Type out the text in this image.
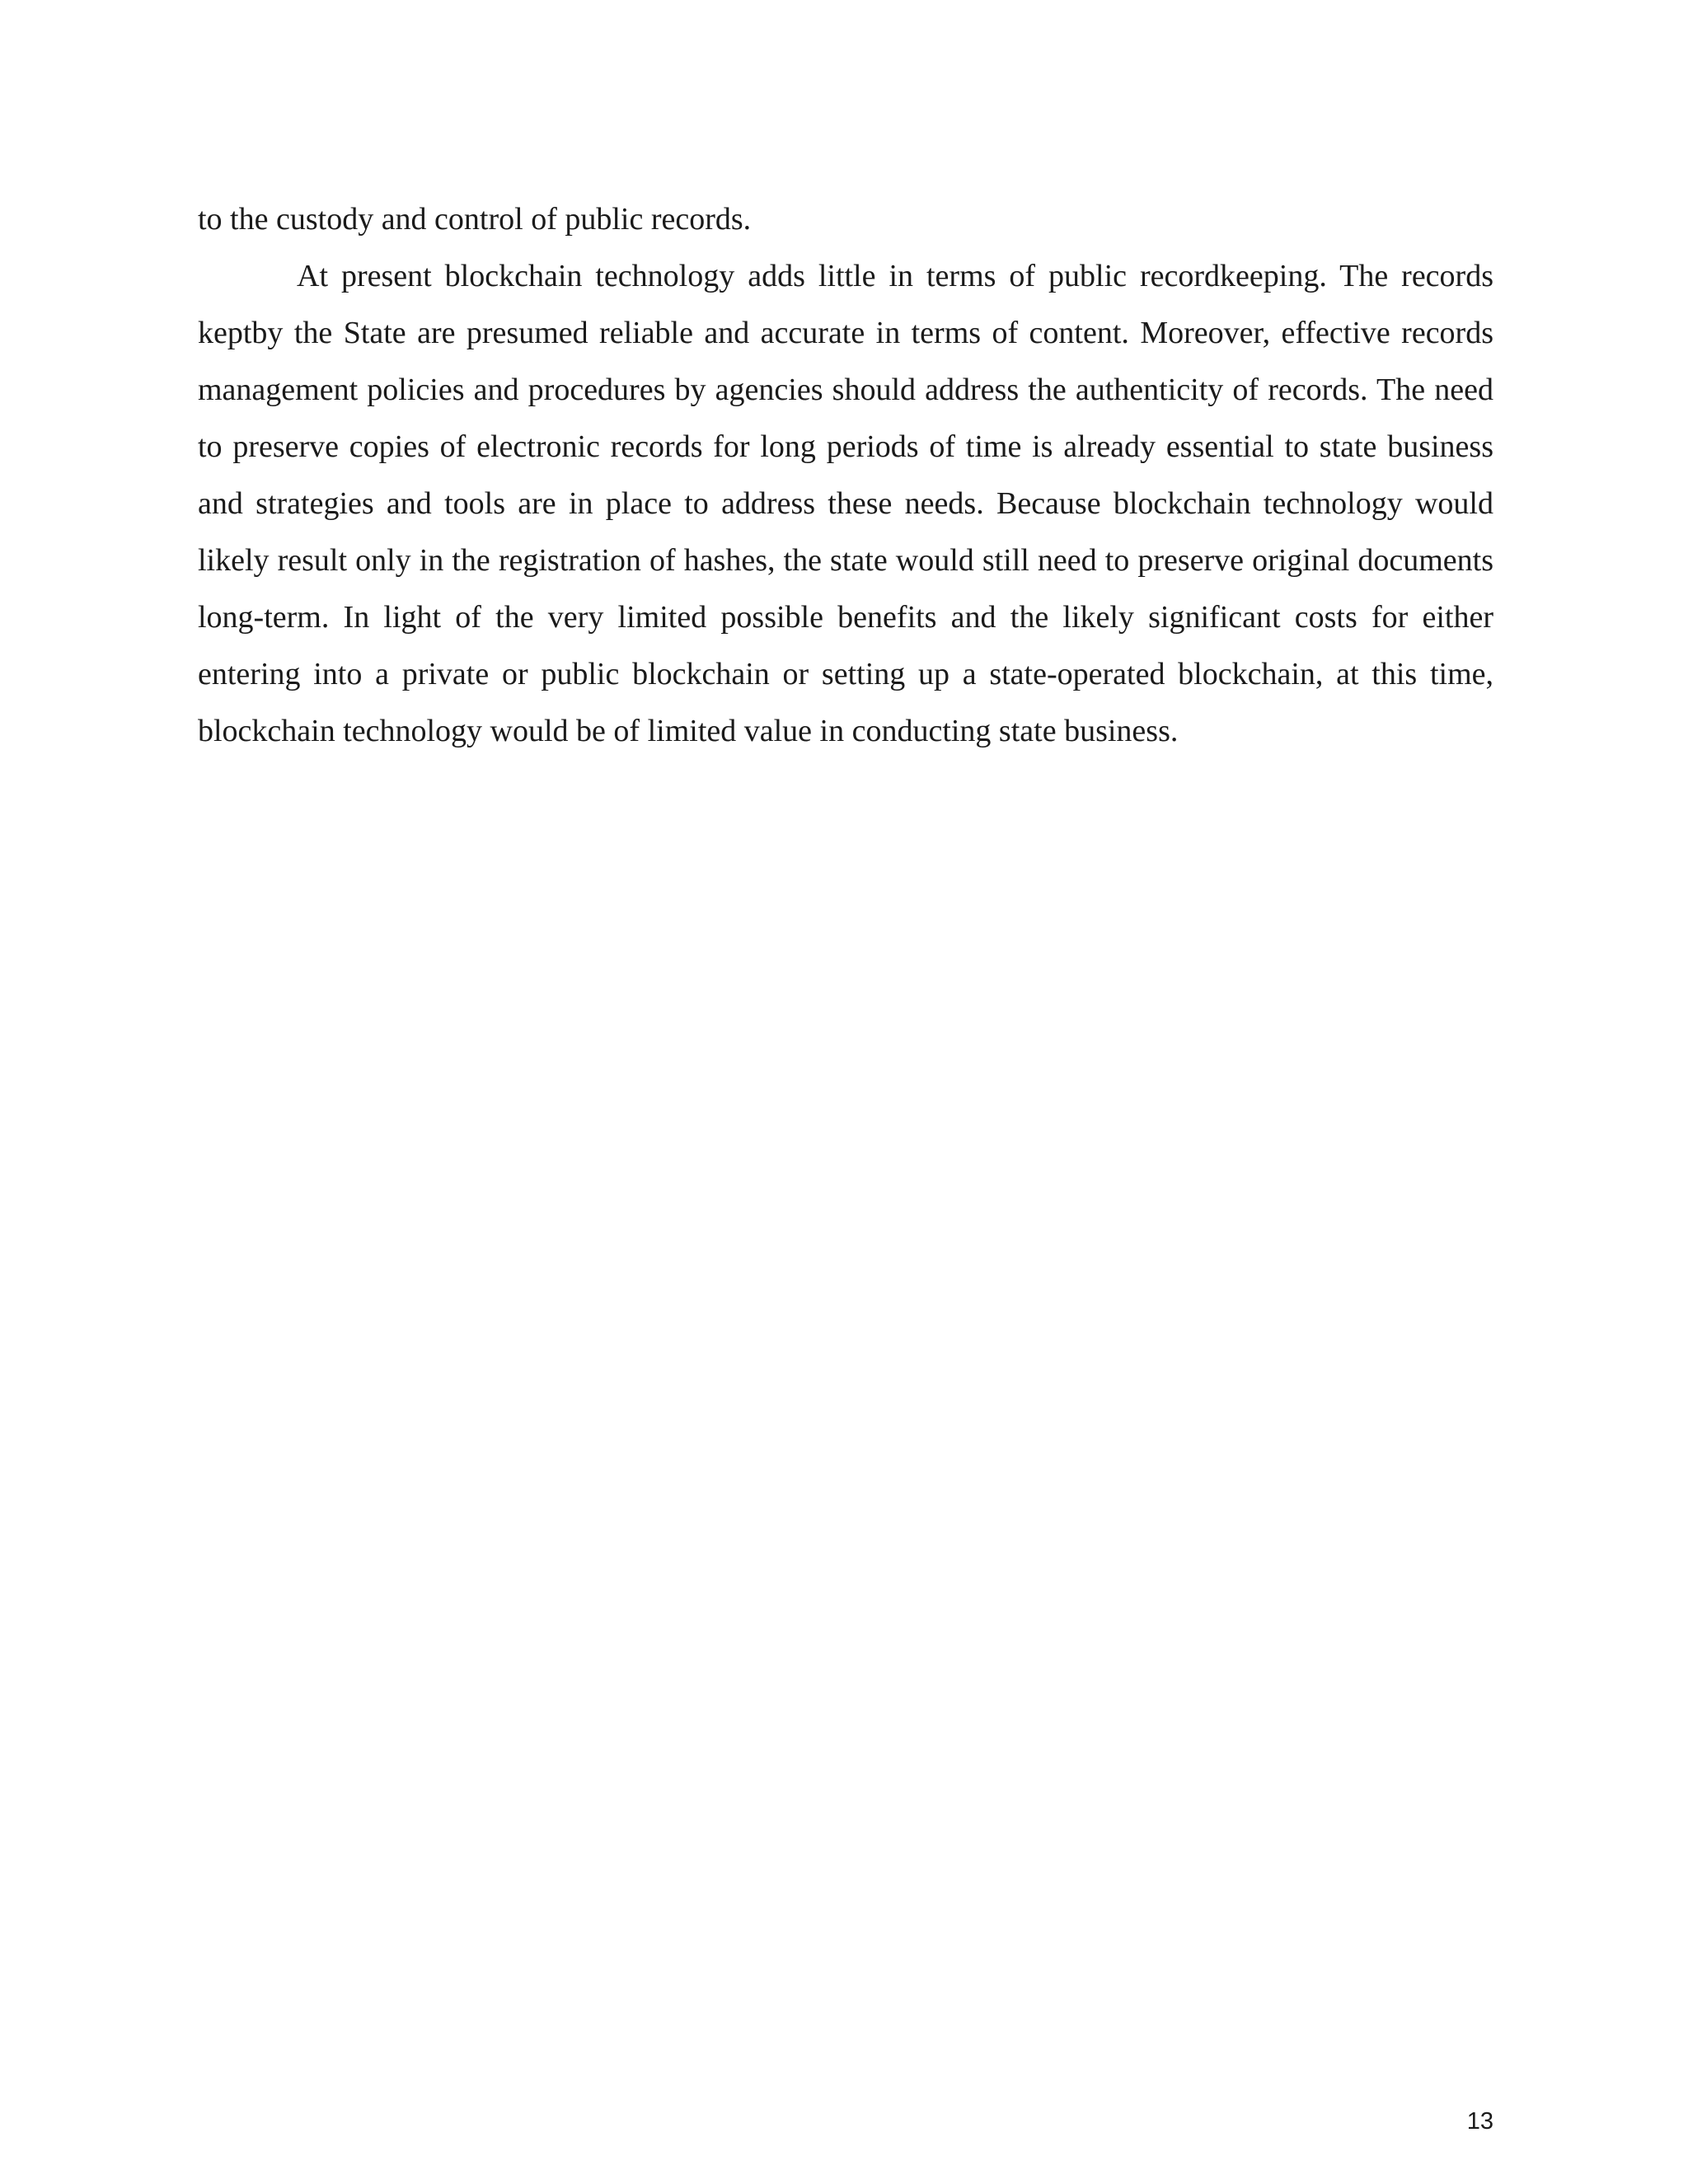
to the custody and control of public records.

At present blockchain technology adds little in terms of public recordkeeping. The records keptby the State are presumed reliable and accurate in terms of content. Moreover, effective records management policies and procedures by agencies should address the authenticity of records. The need to preserve copies of electronic records for long periods of time is already essential to state business and strategies and tools are in place to address these needs. Because blockchain technology would likely result only in the registration of hashes, the state would still need to preserve original documents long-term. In light of the very limited possible benefits and the likely significant costs for either entering into a private or public blockchain or setting up a state-operated blockchain, at this time, blockchain technology would be of limited value in conducting state business.

13
